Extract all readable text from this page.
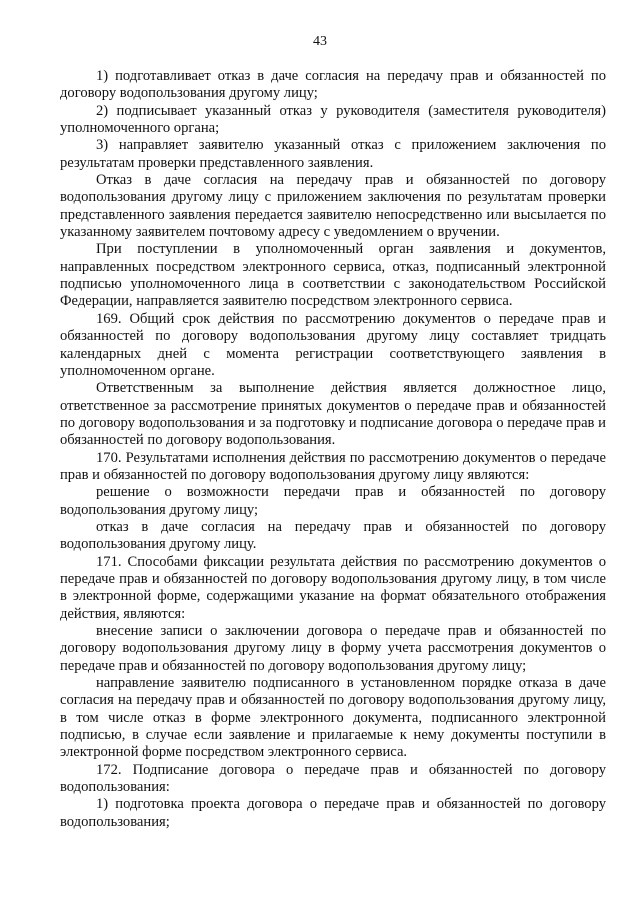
43

1) подготавливает отказ в даче согласия на передачу прав и обязанностей по договору водопользования другому лицу;

2) подписывает указанный отказ у руководителя (заместителя руководителя) уполномоченного органа;

3) направляет заявителю указанный отказ с приложением заключения по результатам проверки представленного заявления.

Отказ в даче согласия на передачу прав и обязанностей по договору водопользования другому лицу с приложением заключения по результатам проверки представленного заявления передается заявителю непосредственно или высылается по указанному заявителем почтовому адресу с уведомлением о вручении.

При поступлении в уполномоченный орган заявления и документов, направленных посредством электронного сервиса, отказ, подписанный электронной подписью уполномоченного лица в соответствии с законодательством Российской Федерации, направляется заявителю посредством электронного сервиса.

169. Общий срок действия по рассмотрению документов о передаче прав и обязанностей по договору водопользования другому лицу составляет тридцать календарных дней с момента регистрации соответствующего заявления в уполномоченном органе.

Ответственным за выполнение действия является должностное лицо, ответственное за рассмотрение принятых документов о передаче прав и обязанностей по договору водопользования и за подготовку и подписание договора о передаче прав и обязанностей по договору водопользования.

170. Результатами исполнения действия по рассмотрению документов о передаче прав и обязанностей по договору водопользования другому лицу являются:

решение о возможности передачи прав и обязанностей по договору водопользования другому лицу;

отказ в даче согласия на передачу прав и обязанностей по договору водопользования другому лицу.

171. Способами фиксации результата действия по рассмотрению документов о передаче прав и обязанностей по договору водопользования другому лицу, в том числе в электронной форме, содержащими указание на формат обязательного отображения действия, являются:

внесение записи о заключении договора о передаче прав и обязанностей по договору водопользования другому лицу в форму учета рассмотрения документов о передаче прав и обязанностей по договору водопользования другому лицу;

направление заявителю подписанного в установленном порядке отказа в даче согласия на передачу прав и обязанностей по договору водопользования другому лицу, в том числе отказ в форме электронного документа, подписанного электронной подписью, в случае если заявление и прилагаемые к нему документы поступили в электронной форме посредством электронного сервиса.

172. Подписание договора о передаче прав и обязанностей по договору водопользования:

1) подготовка проекта договора о передаче прав и обязанностей по договору водопользования;
